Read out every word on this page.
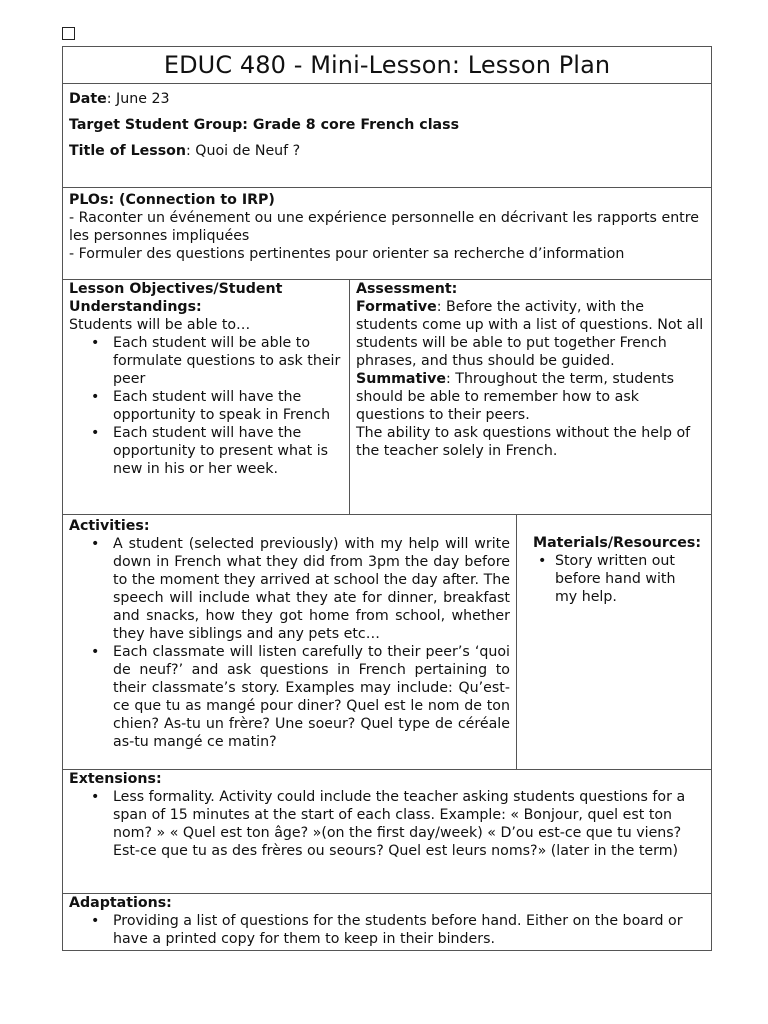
EDUC 480 - Mini-Lesson: Lesson Plan

Date: June 23

Target Student Group: Grade 8 core French class

Title of Lesson: Quoi de Neuf ?

PLOs: (Connection to IRP)
- Raconter un événement ou une expérience personnelle en décrivant les rapports entre les personnes impliquées
- Formuler des questions pertinentes pour orienter sa recherche d’information
Lesson Objectives/Student Understandings:
Students will be able to…
• Each student will be able to formulate questions to ask their peer
• Each student will have the opportunity to speak in French
• Each student will have the opportunity to present what is new in his or her week.
Assessment:
Formative: Before the activity, with the students come up with a list of questions. Not all students will be able to put together French phrases, and thus should be guided.
Summative: Throughout the term, students should be able to remember how to ask questions to their peers.
The ability to ask questions without the help of the teacher solely in French.
Activities:
• A student (selected previously) with my help will write down in French what they did from 3pm the day before to the moment they arrived at school the day after. The speech will include what they ate for dinner, breakfast and snacks, how they got home from school, whether they have siblings and any pets etc…
• Each classmate will listen carefully to their peer’s ‘quoi de neuf?’ and ask questions in French pertaining to their classmate’s story. Examples may include: Qu’est-ce que tu as mangé pour diner? Quel est le nom de ton chien? As-tu un frère? Une soeur? Quel type de céréale as-tu mangé ce matin?
Materials/Resources:
• Story written out before hand with my help.
Extensions:
• Less formality. Activity could include the teacher asking students questions for a span of 15 minutes at the start of each class. Example: « Bonjour, quel est ton nom? » « Quel est ton âge? »(on the first day/week) « D’ou est-ce que tu viens? Est-ce que tu as des frères ou seours? Quel est leurs noms?» (later in the term)
Adaptations:
• Providing a list of questions for the students before hand. Either on the board or have a printed copy for them to keep in their binders.
